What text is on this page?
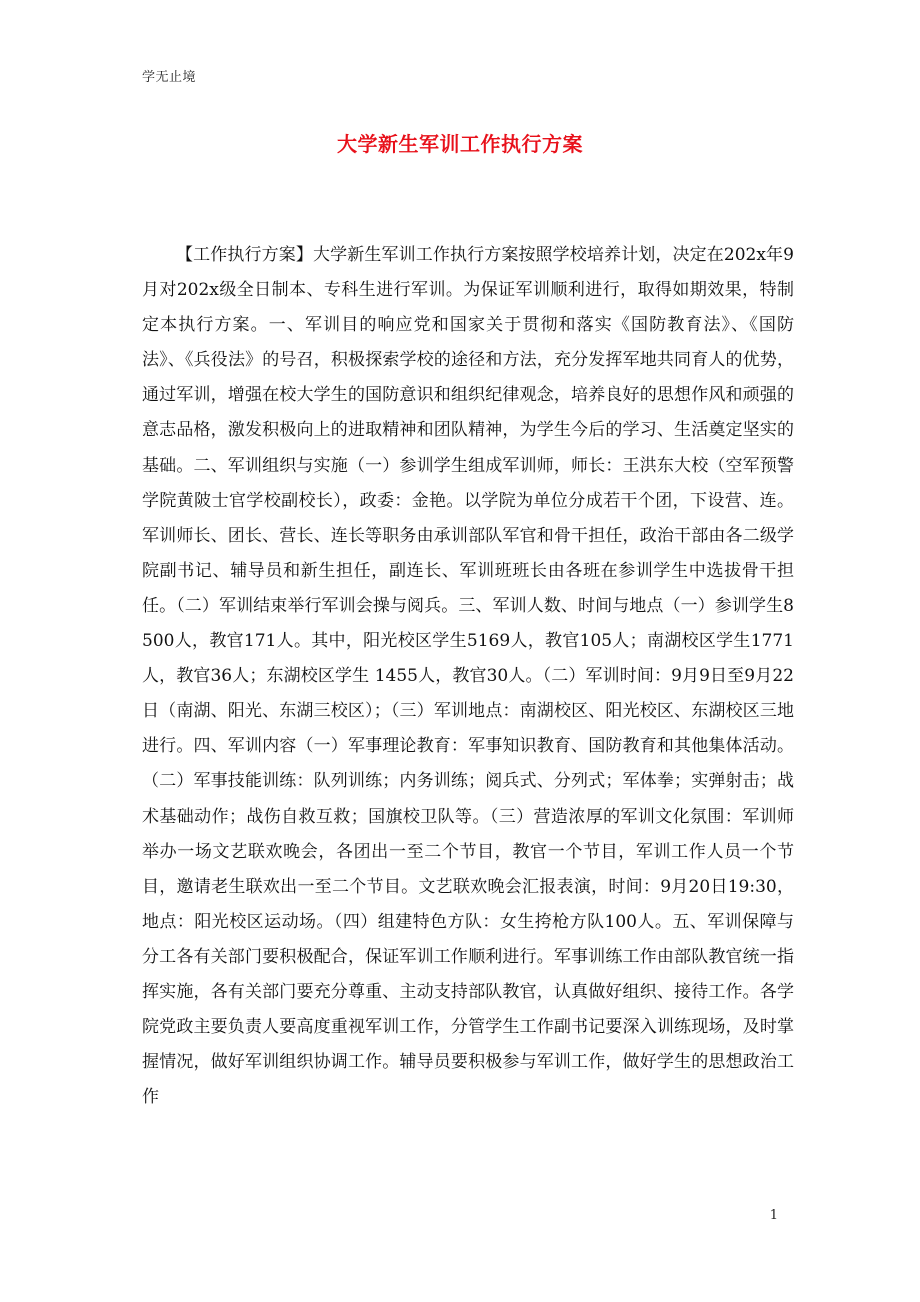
学无止境
大学新生军训工作执行方案

【工作执行方案】大学新生军训工作执行方案按照学校培养计划，决定在202x年9月对202x级全日制本、专科生进行军训。为保证军训顺利进行，取得如期效果，特制定本执行方案。一、军训目的响应党和国家关于贯彻和落实《国防教育法》、《国防法》、《兵役法》的号召，积极探索学校的途径和方法，充分发挥军地共同育人的优势，通过军训，增强在校大学生的国防意识和组织纪律观念，培养良好的思想作风和顽强的意志品格，激发积极向上的进取精神和团队精神，为学生今后的学习、生活奠定坚实的基础。二、军训组织与实施（一）参训学生组成军训师，师长：王洪东大校（空军预警学院黄陂士官学校副校长），政委：金艳。以学院为单位分成若干个团，下设营、连。军训师长、团长、营长、连长等职务由承训部队军官和骨干担任，政治干部由各二级学院副书记、辅导员和新生担任，副连长、军训班班长由各班在参训学生中选拔骨干担任。（二）军训结束举行军训会操与阅兵。三、军训人数、时间与地点（一）参训学生8500人，教官171人。其中，阳光校区学生5169人，教官105人；南湖校区学生1771人，教官36人；东湖校区学生 1455人，教官30人。（二）军训时间：9月9日至9月22日（南湖、阳光、东湖三校区）；（三）军训地点：南湖校区、阳光校区、东湖校区三地进行。四、军训内容（一）军事理论教育：军事知识教育、国防教育和其他集体活动。（二）军事技能训练：队列训练；内务训练；阅兵式、分列式；军体拳；实弹射击；战术基础动作；战伤自救互救；国旗校卫队等。（三）营造浓厚的军训文化氛围：军训师举办一场文艺联欢晚会，各团出一至二个节目，教官一个节目，军训工作人员一个节目，邀请老生联欢出一至二个节目。文艺联欢晚会汇报表演，时间：9月20日19:30，地点：阳光校区运动场。（四）组建特色方队：女生挎枪方队100人。五、军训保障与分工各有关部门要积极配合，保证军训工作顺利进行。军事训练工作由部队教官统一指挥实施，各有关部门要充分尊重、主动支持部队教官，认真做好组织、接待工作。各学院党政主要负责人要高度重视军训工作，分管学生工作副书记要深入训练现场，及时掌握情况，做好军训组织协调工作。辅导员要积极参与军训工作，做好学生的思想政治工作

1
